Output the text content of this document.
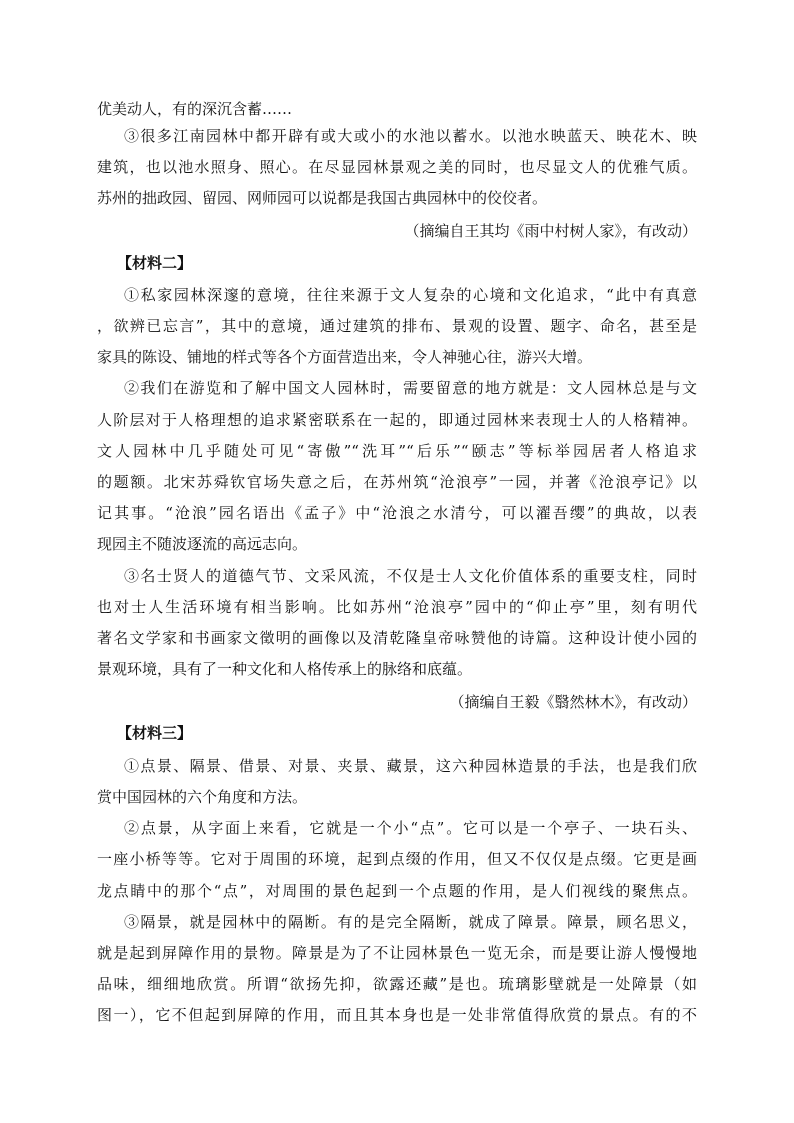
优美动人，有的深沉含蓄……
③很多江南园林中都开辟有或大或小的水池以蓄水。以池水映蓝天、映花木、映
建筑，也以池水照身、照心。在尽显园林景观之美的同时，也尽显文人的优雅气质。
苏州的拙政园、留园、网师园可以说都是我国古典园林中的佼佼者。
（摘编自王其均《雨中村树人家》，有改动）
【材料二】
①私家园林深邃的意境，往往来源于文人复杂的心境和文化追求，“此中有真意
，欲辨已忘言”，其中的意境，通过建筑的排布、景观的设置、题字、命名，甚至是
家具的陈设、铺地的样式等各个方面营造出来，令人神驰心往，游兴大增。
②我们在游览和了解中国文人园林时，需要留意的地方就是：文人园林总是与文
人阶层对于人格理想的追求紧密联系在一起的，即通过园林来表现士人的人格精神。
文人园林中几乎随处可见“寄傲”“洗耳”“后乐”“颐志”等标举园居者人格追求
的题额。北宋苏舜钦官场失意之后，在苏州筑“沧浪亭”一园，并著《沧浪亭记》以
记其事。“沧浪”园名语出《孟子》中“沧浪之水清兮，可以濯吾缨”的典故，以表
现园主不随波逐流的高远志向。
③名士贤人的道德气节、文采风流，不仅是士人文化价值体系的重要支柱，同时
也对士人生活环境有相当影响。比如苏州“沧浪亭”园中的“仰止亭”里，刻有明代
著名文学家和书画家文徵明的画像以及清乾隆皇帝咏赞他的诗篇。这种设计使小园的
景观环境，具有了一种文化和人格传承上的脉络和底蕴。
（摘编自王毅《翳然林木》，有改动）
【材料三】
①点景、隔景、借景、对景、夹景、藏景，这六种园林造景的手法，也是我们欣
赏中国园林的六个角度和方法。
②点景，从字面上来看，它就是一个小“点”。它可以是一个亭子、一块石头、
一座小桥等等。它对于周围的环境，起到点缀的作用，但又不仅仅是点缀。它更是画
龙点睛中的那个“点”，对周围的景色起到一个点题的作用，是人们视线的聚焦点。
③隔景，就是园林中的隔断。有的是完全隔断，就成了障景。障景，顾名思义，
就是起到屏障作用的景物。障景是为了不让园林景色一览无余，而是要让游人慢慢地
品味，细细地欣赏。所谓“欲扬先抑，欲露还藏”是也。琉璃影壁就是一处障景（如
图一），它不但起到屏障的作用，而且其本身也是一处非常值得欣赏的景点。有的不
